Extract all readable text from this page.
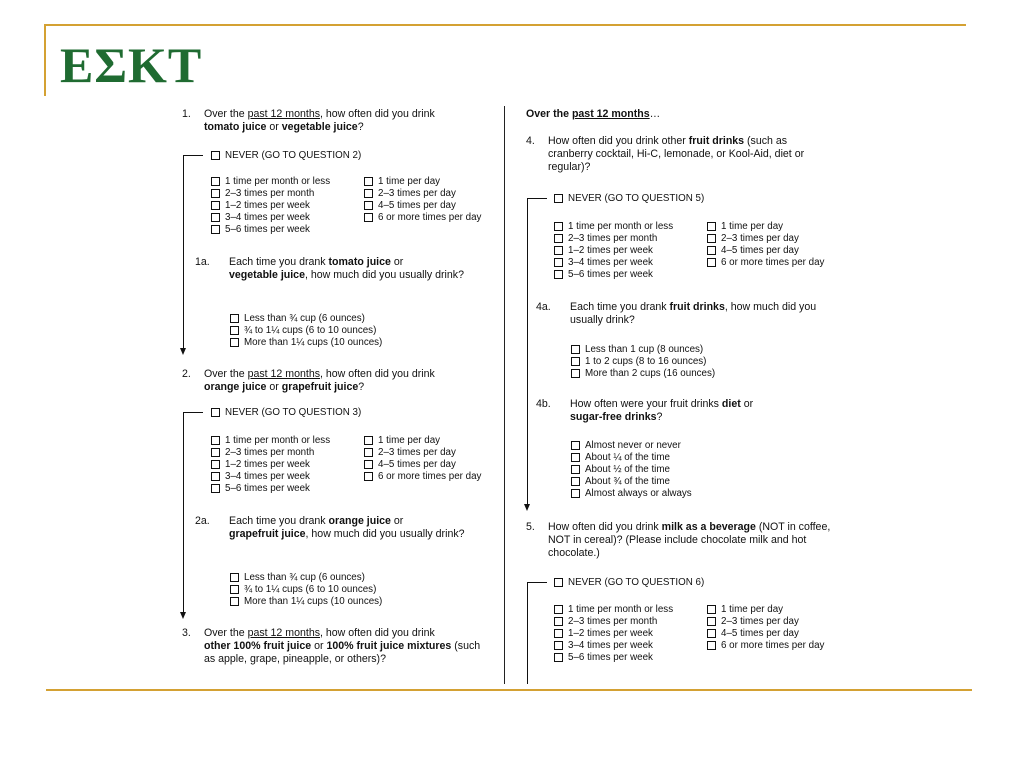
ΕΣΚΤ
1. Over the past 12 months, how often did you drink
tomato juice or vegetable juice?
NEVER (GO TO QUESTION 2)
1 time per month or less
2–3 times per month
1–2 times per week
3–4 times per week
5–6 times per week
1 time per day
2–3 times per day
4–5 times per day
6 or more times per day
1a. Each time you drank tomato juice or
vegetable juice, how much did you usually drink?
Less than ¾ cup (6 ounces)
¾ to 1¼ cups (6 to 10 ounces)
More than 1¼ cups (10 ounces)
2. Over the past 12 months, how often did you drink
orange juice or grapefruit juice?
NEVER (GO TO QUESTION 3)
1 time per month or less
2–3 times per month
1–2 times per week
3–4 times per week
5–6 times per week
1 time per day
2–3 times per day
4–5 times per day
6 or more times per day
2a. Each time you drank orange juice or
grapefruit juice, how much did you usually drink?
Less than ¾ cup (6 ounces)
¾ to 1¼ cups (6 to 10 ounces)
More than 1¼ cups (10 ounces)
3. Over the past 12 months, how often did you drink
other 100% fruit juice or 100% fruit juice mixtures (such as apple, grape, pineapple, or others)?
Over the past 12 months…
4. How often did you drink other fruit drinks (such as cranberry cocktail, Hi-C, lemonade, or Kool-Aid, diet or regular)?
NEVER (GO TO QUESTION 5)
1 time per month or less
2–3 times per month
1–2 times per week
3–4 times per week
5–6 times per week
1 time per day
2–3 times per day
4–5 times per day
6 or more times per day
4a. Each time you drank fruit drinks, how much did you usually drink?
Less than 1 cup (8 ounces)
1 to 2 cups (8 to 16 ounces)
More than 2 cups (16 ounces)
4b. How often were your fruit drinks diet or
sugar-free drinks?
Almost never or never
About ¼ of the time
About ½ of the time
About ¾ of the time
Almost always or always
5. How often did you drink milk as a beverage (NOT in coffee, NOT in cereal)? (Please include chocolate milk and hot chocolate.)
NEVER (GO TO QUESTION 6)
1 time per month or less
2–3 times per month
1–2 times per week
3–4 times per week
5–6 times per week
1 time per day
2–3 times per day
4–5 times per day
6 or more times per day
